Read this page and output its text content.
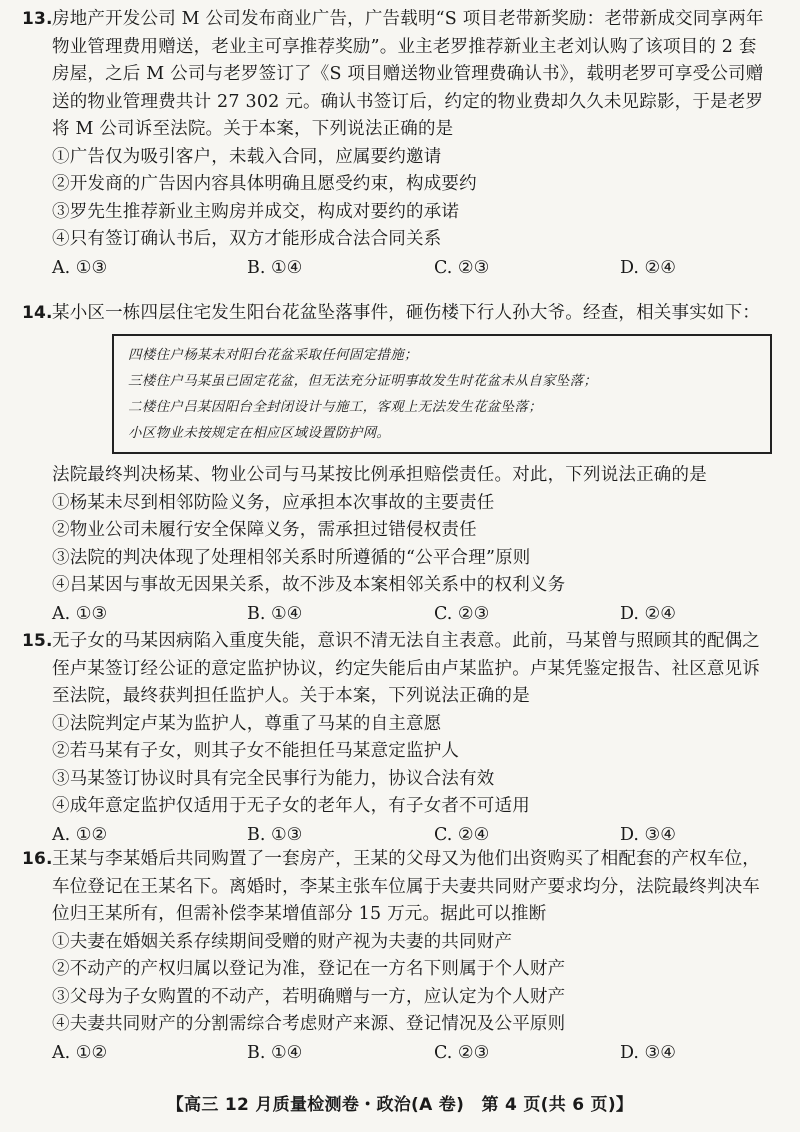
13.房地产开发公司 M 公司发布商业广告，广告载明“S 项目老带新奖励：老带新成交同享两年
物业管理费用赠送，老业主可享推荐奖励”。业主老罗推荐新业主老刘认购了该项目的 2 套
房屋，之后 M 公司与老罗签订了《S 项目赠送物业管理费确认书》，载明老罗可享受公司赠
送的物业管理费共计 27 302 元。确认书签订后，约定的物业费却久久未见踪影，于是老罗
将 M 公司诉至法院。关于本案，下列说法正确的是
①广告仅为吸引客户，未载入合同，应属要约邀请
②开发商的广告因内容具体明确且愿受约束，构成要约
③罗先生推荐新业主购房并成交，构成对要约的承诺
④只有签订确认书后，双方才能形成合法合同关系
A. ①③	B. ①④	C. ②③	D. ②④
14.某小区一栋四层住宅发生阳台花盆坠落事件，砸伤楼下行人孙大爷。经查，相关事实如下：
四楼住户杨某未对阳台花盆采取任何固定措施；
三楼住户马某虽已固定花盆，但无法充分证明事故发生时花盆未从自家坠落；
二楼住户吕某因阳台全封闭设计与施工，客观上无法发生花盆坠落；
小区物业未按规定在相应区域设置防护网。
法院最终判决杨某、物业公司与马某按比例承担赔偿责任。对此，下列说法正确的是
①杨某未尽到相邻防险义务，应承担本次事故的主要责任
②物业公司未履行安全保障义务，需承担过错侵权责任
③法院的判决体现了处理相邻关系时所遵循的“公平合理”原则
④吕某因与事故无因果关系，故不涉及本案相邻关系中的权利义务
A. ①③	B. ①④	C. ②③	D. ②④
15.无子女的马某因病陷入重度失能，意识不清无法自主表意。此前，马某曾与照顾其的配偶之
侄卢某签订经公证的意定监护协议，约定失能后由卢某监护。卢某凭鉴定报告、社区意见诉
至法院，最终获判担任监护人。关于本案，下列说法正确的是
①法院判定卢某为监护人，尊重了马某的自主意愿
②若马某有子女，则其子女不能担任马某意定监护人
③马某签订协议时具有完全民事行为能力，协议合法有效
④成年意定监护仅适用于无子女的老年人，有子女者不可适用
A. ①②	B. ①③	C. ②④	D. ③④
16.王某与李某婚后共同购置了一套房产，王某的父母又为他们出资购买了相配套的产权车位，
车位登记在王某名下。离婚时，李某主张车位属于夫妻共同财产要求均分，法院最终判决车
位归王某所有，但需补偿李某增值部分 15 万元。据此可以推断
①夫妻在婚姻关系存续期间受赠的财产视为夫妻的共同财产
②不动产的产权归属以登记为准，登记在一方名下则属于个人财产
③父母为子女购置的不动产，若明确赠与一方，应认定为个人财产
④夫妻共同财产的分割需综合考虑财产来源、登记情况及公平原则
A. ①②	B. ①④	C. ②③	D. ③④
【高三 12 月质量检测卷・政治(A 卷)　第 4 页(共 6 页)】
